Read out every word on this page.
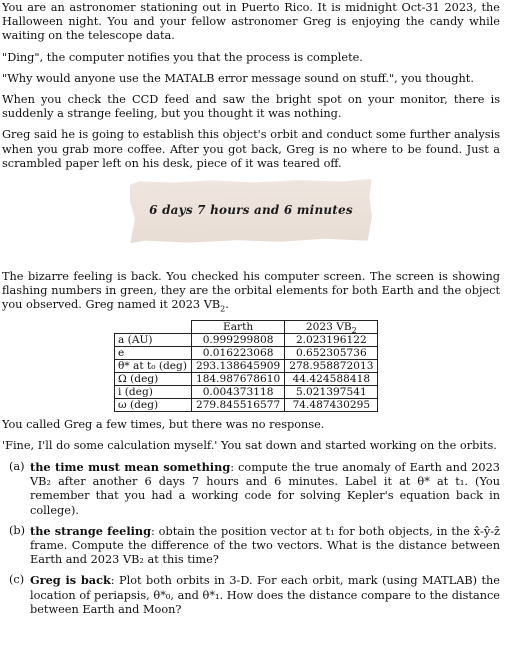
You are an astronomer stationing out in Puerto Rico. It is midnight Oct-31 2023, the Halloween night. You and your fellow astronomer Greg is enjoying the candy while waiting on the telescope data.

"Ding", the computer notifies you that the process is complete.

"Why would anyone use the MATALB error message sound on stuff.", you thought.

When you check the CCD feed and saw the bright spot on your monitor, there is suddenly a strange feeling, but you thought it was nothing.

Greg said he is going to establish this object's orbit and conduct some further analysis when you grab more coffee. After you got back, Greg is no where to be found. Just a scrambled paper left on his desk, piece of it was teared off.

6 days 7 hours and 6 minutes

The bizarre feeling is back. You checked his computer screen. The screen is showing flashing numbers in green, they are the orbital elements for both Earth and the object you observed. Greg named it 2023 $VB_2$.

	Earth	2023 $VB_2$
a (AU)	0.999299808	2.023196122
e	0.016223068	0.652305736
θ* at t₀ (deg)	293.138645909	278.958872013
Ω (deg)	184.987678610	44.424588418
i (deg)	0.004373118	5.021397541
ω (deg)	279.845516577	74.487430295

You called Greg a few times, but there was no response.

'Fine, I'll do some calculation myself.' You sat down and started working on the orbits.

(a) the time must mean something: compute the true anomaly of Earth and 2023 VB₂ after another 6 days 7 hours and 6 minutes. Label it at θ* at t₁. (You remember that you had a working code for solving Kepler's equation back in college).
(b) the strange feeling: obtain the position vector at t₁ for both objects, in the x̂-ŷ-ẑ frame. Compute the difference of the two vectors. What is the distance between Earth and 2023 VB₂ at this time?
(c) Greg is back: Plot both orbits in 3-D. For each orbit, mark (using MATLAB) the location of periapsis, θ*₀, and θ*₁. How does the distance compare to the distance between Earth and Moon?
